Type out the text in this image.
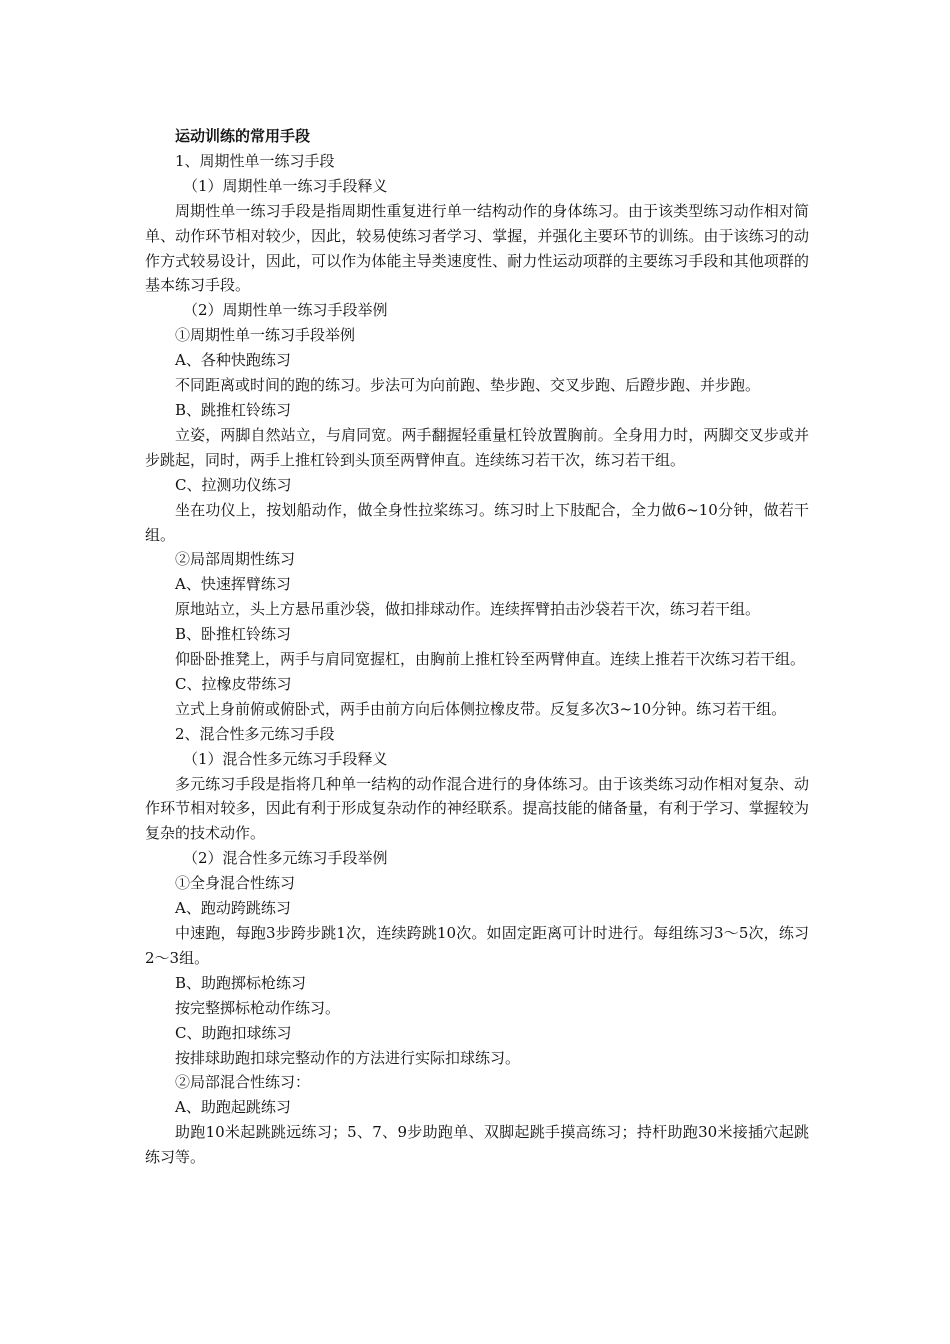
运动训练的常用手段

1、周期性单一练习手段

（1）周期性单一练习手段释义

周期性单一练习手段是指周期性重复进行单一结构动作的身体练习。由于该类型练习动作相对简单、动作环节相对较少，因此，较易使练习者学习、掌握，并强化主要环节的训练。由于该练习的动作方式较易设计，因此，可以作为体能主导类速度性、耐力性运动项群的主要练习手段和其他项群的基本练习手段。

（2）周期性单一练习手段举例

①周期性单一练习手段举例

A、各种快跑练习

不同距离或时间的跑的练习。步法可为向前跑、垫步跑、交叉步跑、后蹬步跑、并步跑。

B、跳推杠铃练习

立姿，两脚自然站立，与肩同宽。两手翻握轻重量杠铃放置胸前。全身用力时，两脚交叉步或并步跳起，同时，两手上推杠铃到头顶至两臂伸直。连续练习若干次，练习若干组。

C、拉测功仪练习

坐在功仪上，按划船动作，做全身性拉桨练习。练习时上下肢配合，全力做6~10分钟，做若干组。

②局部周期性练习

A、快速挥臂练习

原地站立，头上方悬吊重沙袋，做扣排球动作。连续挥臂拍击沙袋若干次，练习若干组。

B、卧推杠铃练习

仰卧卧推凳上，两手与肩同宽握杠，由胸前上推杠铃至两臂伸直。连续上推若干次练习若干组。

C、拉橡皮带练习

立式上身前俯或俯卧式，两手由前方向后体侧拉橡皮带。反复多次3~10分钟。练习若干组。

2、混合性多元练习手段

（1）混合性多元练习手段释义

多元练习手段是指将几种单一结构的动作混合进行的身体练习。由于该类练习动作相对复杂、动作环节相对较多，因此有利于形成复杂动作的神经联系。提高技能的储备量，有利于学习、掌握较为复杂的技术动作。

（2）混合性多元练习手段举例

①全身混合性练习

A、跑动跨跳练习

中速跑，每跑3步跨步跳1次，连续跨跳10次。如固定距离可计时进行。每组练习3～5次，练习2～3组。

B、助跑掷标枪练习

按完整掷标枪动作练习。

C、助跑扣球练习

按排球助跑扣球完整动作的方法进行实际扣球练习。

②局部混合性练习：

A、助跑起跳练习

助跑10米起跳跳远练习；5、7、9步助跑单、双脚起跳手摸高练习；持杆助跑30米接插穴起跳练习等。
